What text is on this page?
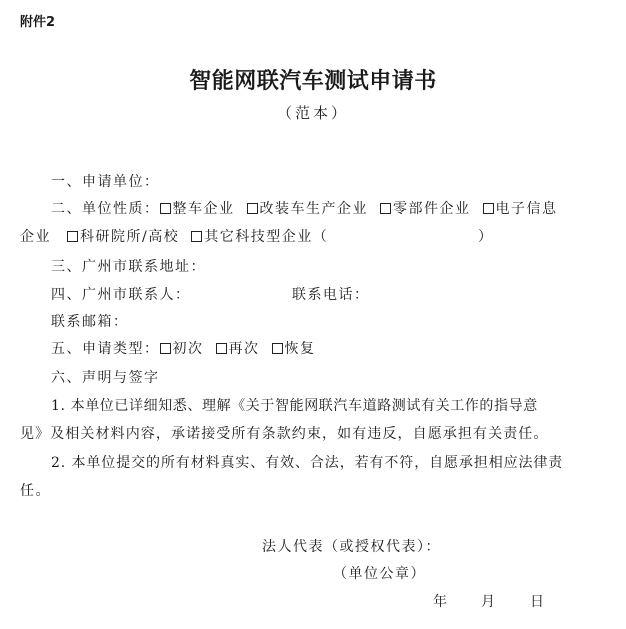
附件2
智能网联汽车测试申请书
（范本）
一、申请单位：
二、单位性质： 整车企业 改装车生产企业 零部件企业 电子信息
企业 科研院所/高校 其它科技型企业（	）
三、广州市联系地址：
四、广州市联系人：	联系电话：
联系邮箱：
五、申请类型： 初次 再次 恢复
六、声明与签字
1. 本单位已详细知悉、理解《关于智能网联汽车道路测试有关工作的指导意
见》及相关材料内容，承诺接受所有条款约束，如有违反，自愿承担有关责任。
2. 本单位提交的所有材料真实、有效、合法，若有不符，自愿承担相应法律责
任。
法人代表（或授权代表）：
（单位公章）
年 月 日
